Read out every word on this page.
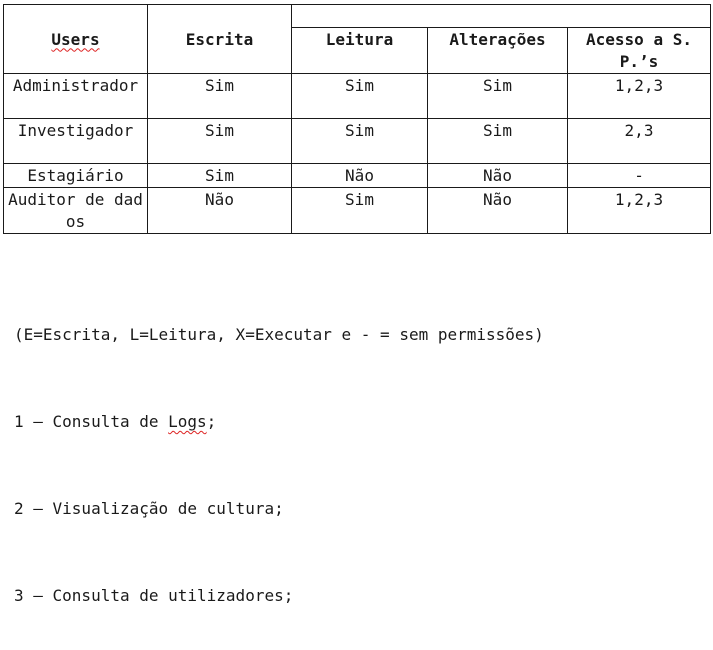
Users	Escrita			
		Leitura	Alterações	Acesso a S.P.’s
Administrador	Sim	Sim	Sim	1,2,3
Investigador	Sim	Sim	Sim	2,3
Estagiário	Sim	Não	Não	-
Auditor de dados	Não	Sim	Não	1,2,3

(E=Escrita, L=Leitura, X=Executar e - = sem permissões)

1 – Consulta de Logs;

2 – Visualização de cultura;

3 – Consulta de utilizadores;
